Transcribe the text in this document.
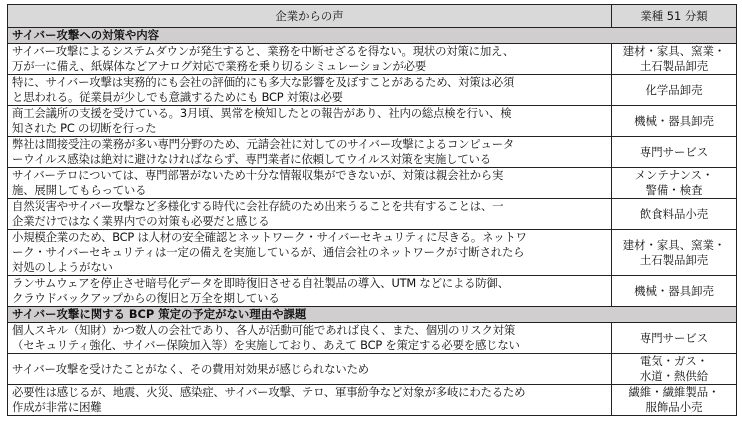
企業からの声	業種 51 分類
サイバー攻撃への対策や内容	

サイバー攻撃によるシステムダウンが発生すると、業務を中断せざるを得ない。現状の対策に加え、
万が一に備え、紙媒体などアナログ対応で業務を乗り切るシミュレーションが必要	建材・家具、窯業・
土石製品卸売

特に、サイバー攻撃は実務的にも会社の評価的にも多大な影響を及ぼすことがあるため、対策は必須
と思われる。従業員が少しでも意識するためにも BCP 対策は必要	化学品卸売

商工会議所の支援を受けている。3月頃、異常を検知したとの報告があり、社内の総点検を行い、検
知された PC の切断を行った	機械・器具卸売

弊社は間接受注の業務が多い専門分野のため、元請会社に対してのサイバー攻撃によるコンピュータ
ーウイルス感染は絶対に避けなければならず、専門業者に依頼してウイルス対策を実施している	専門サービス

サイバーテロについては、専門部署がないため十分な情報収集ができないが、対策は親会社から実
施、展開してもらっている	メンテナンス・
警備・検査

自然災害やサイバー攻撃など多様化する時代に会社存続のため出来うることを共有することは、一
企業だけではなく業界内での対策も必要だと感じる	飲食料品小売

小規模企業のため、BCP は人材の安全確認とネットワーク・サイバーセキュリティに尽きる。ネットワ
ーク・サイバーセキュリティは一定の備えを実施しているが、通信会社のネットワークが寸断されたら
対処のしようがない	建材・家具、窯業・
土石製品卸売

ランサムウェアを停止させ暗号化データを即時復旧させる自社製品の導入、UTM などによる防御、
クラウドバックアップからの復旧と万全を期している	機械・器具卸売

サイバー攻撃に関する BCP 策定の予定がない理由や課題	

個人スキル（知財）かつ数人の会社であり、各人が活動可能であれば良く、また、個別のリスク対策
（セキュリティ強化、サイバー保険加入等）を実施しており、あえて BCP を策定する必要を感じない	専門サービス

サイバー攻撃を受けたことがなく、その費用対効果が感じられないため	電気・ガス・
水道・熱供給

必要性は感じるが、地震、火災、感染症、サイバー攻撃、テロ、軍事紛争など対象が多岐にわたるため
作成が非常に困難	繊維・繊維製品・
服飾品小売
